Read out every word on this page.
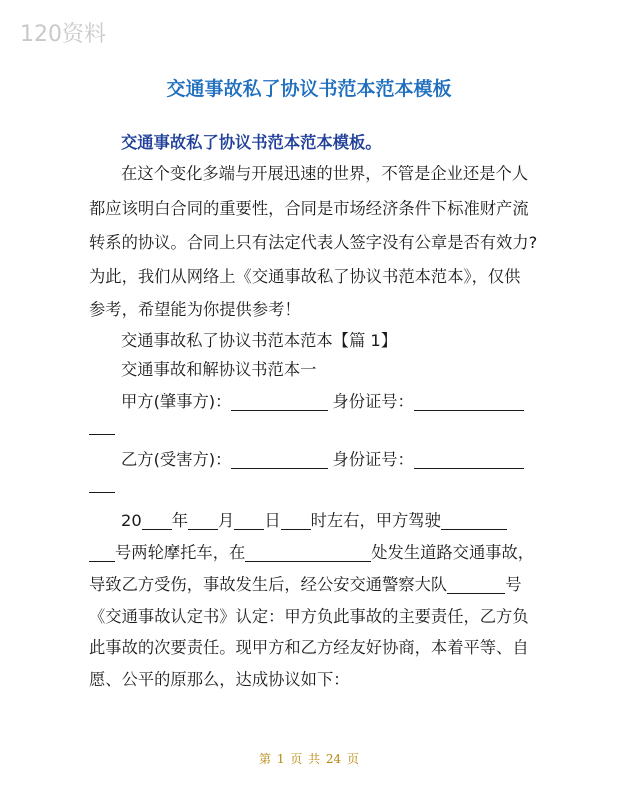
120资料
交通事故私了协议书范本范本模板
交通事故私了协议书范本范本模板。
在这个变化多端与开展迅速的世界，不管是企业还是个人
都应该明白合同的重要性，合同是市场经济条件下标准财产流
转系的协议。合同上只有法定代表人签字没有公章是否有效力?
为此，我们从网络上《交通事故私了协议书范本范本》，仅供
参考，希望能为你提供参考！
交通事故私了协议书范本范本【篇 1】
交通事故和解协议书范本一
甲方(肇事方)：	身份证号：
乙方(受害方)：	身份证号：
20 年 月 日 时左右，甲方驾驶
号两轮摩托车，在	处发生道路交通事故，
导致乙方受伤，事故发生后，经公安交通警察大队	号
《交通事故认定书》认定：甲方负此事故的主要责任，乙方负
此事故的次要责任。现甲方和乙方经友好协商，本着平等、自
愿、公平的原那么，达成协议如下：
第 1 页 共 24 页
